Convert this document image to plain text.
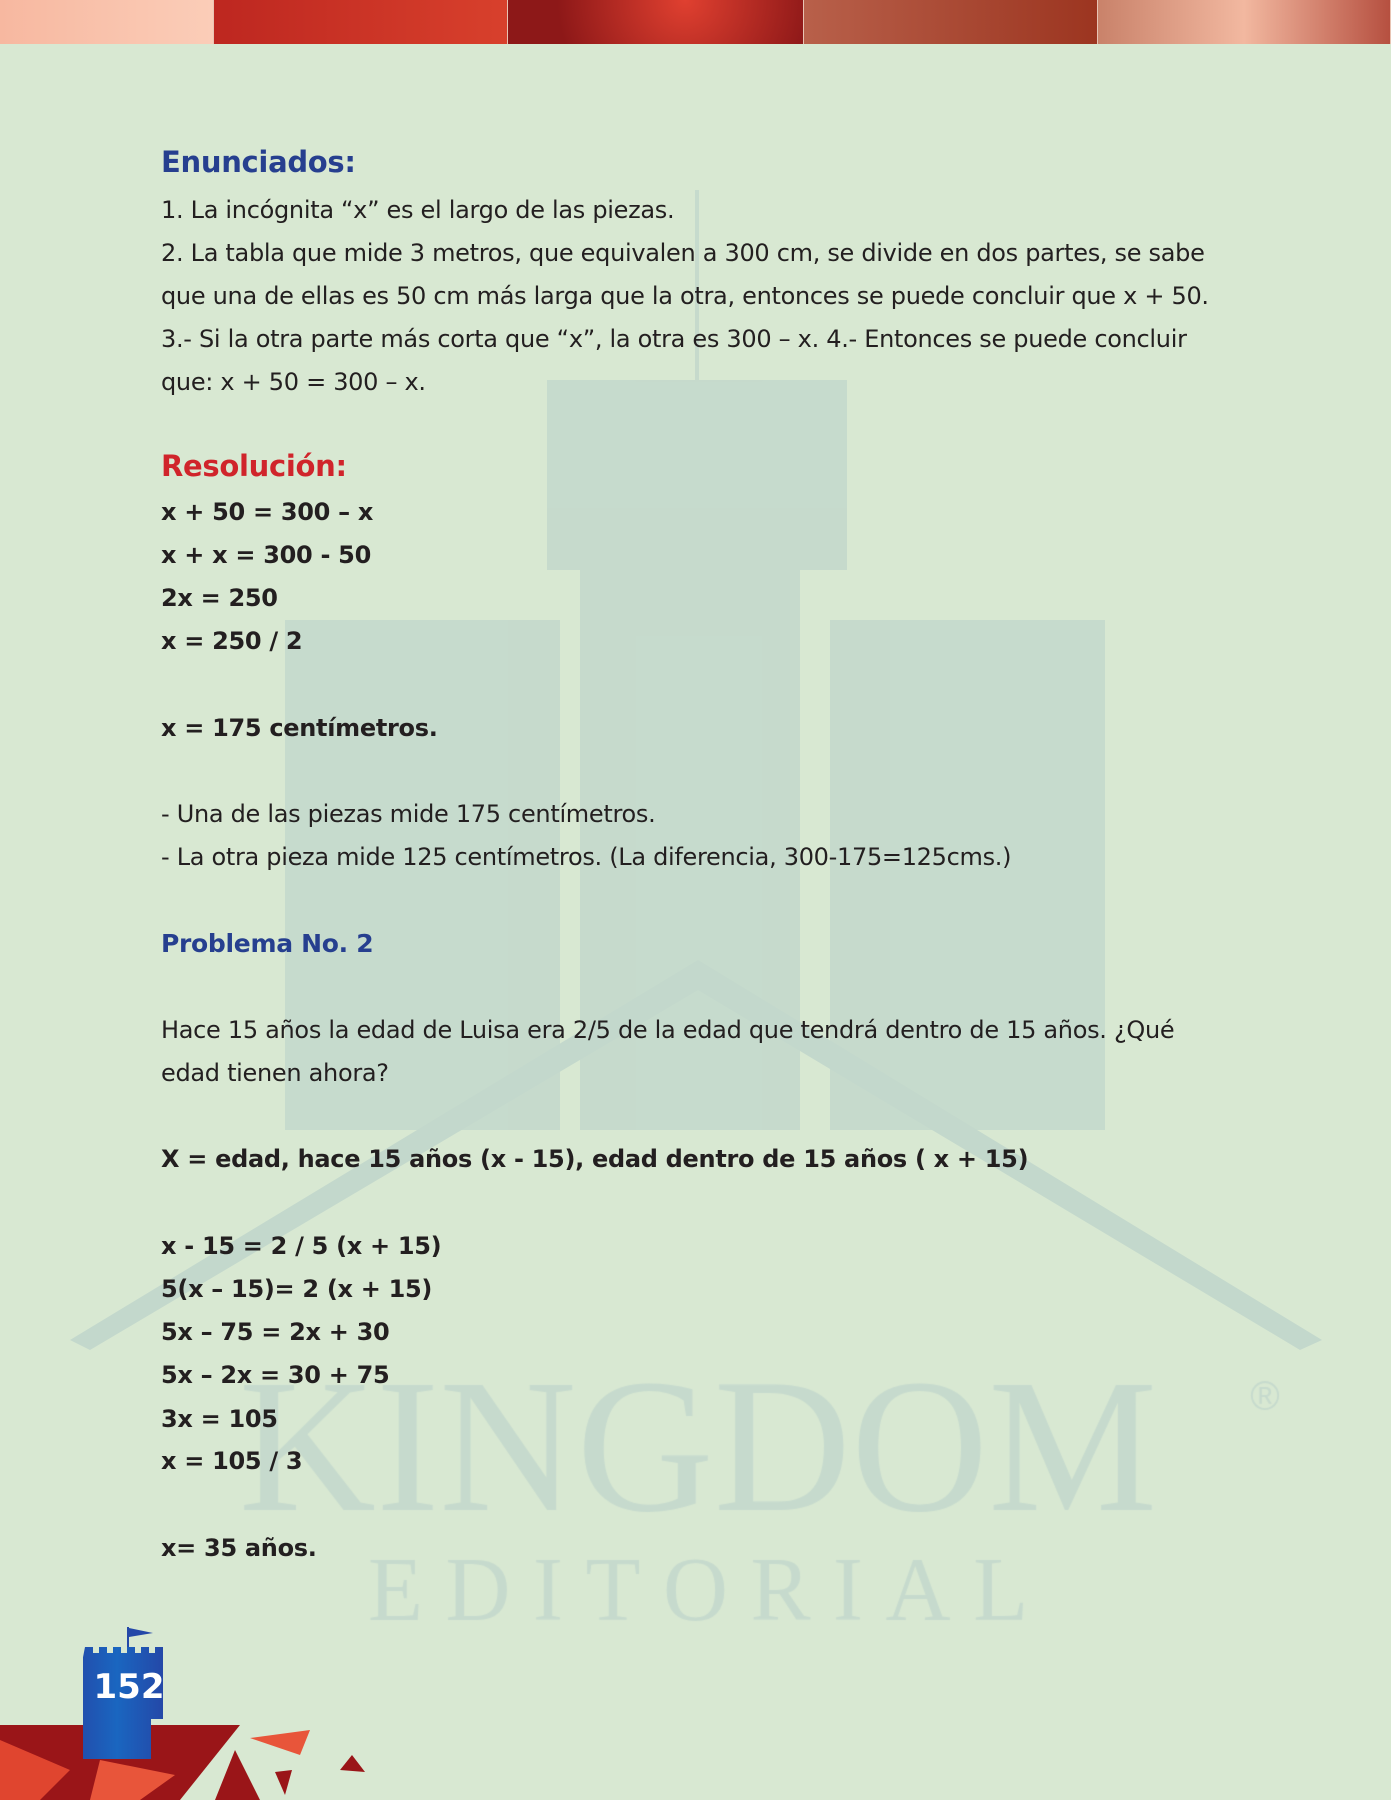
Enunciados:
1. La incógnita “x” es el largo de las piezas.
2. La tabla que mide 3 metros, que equivalen a 300 cm, se divide en dos partes, se sabe
que una de ellas es 50 cm más larga que la otra, entonces se puede concluir que x + 50.
3.- Si la otra parte más corta que “x”, la otra es 300 – x. 4.- Entonces se puede concluir
que: x + 50 = 300 – x.
Resolución:
x + 50 = 300 – x
x + x = 300 - 50
2x = 250
x = 250 / 2
x = 175 centímetros.
- Una de las piezas mide 175 centímetros.
- La otra pieza mide 125 centímetros. (La diferencia, 300-175=125cms.)
Problema No. 2
Hace 15 años la edad de Luisa era 2/5 de la edad que tendrá dentro de 15 años. ¿Qué
edad tienen ahora?
X = edad, hace 15 años (x - 15), edad dentro de 15 años ( x + 15)
x - 15 = 2 / 5 (x + 15)
5(x – 15)= 2 (x + 15)
5x – 75 = 2x + 30
5x – 2x = 30 + 75
3x = 105
x = 105 / 3
x= 35 años.
152
